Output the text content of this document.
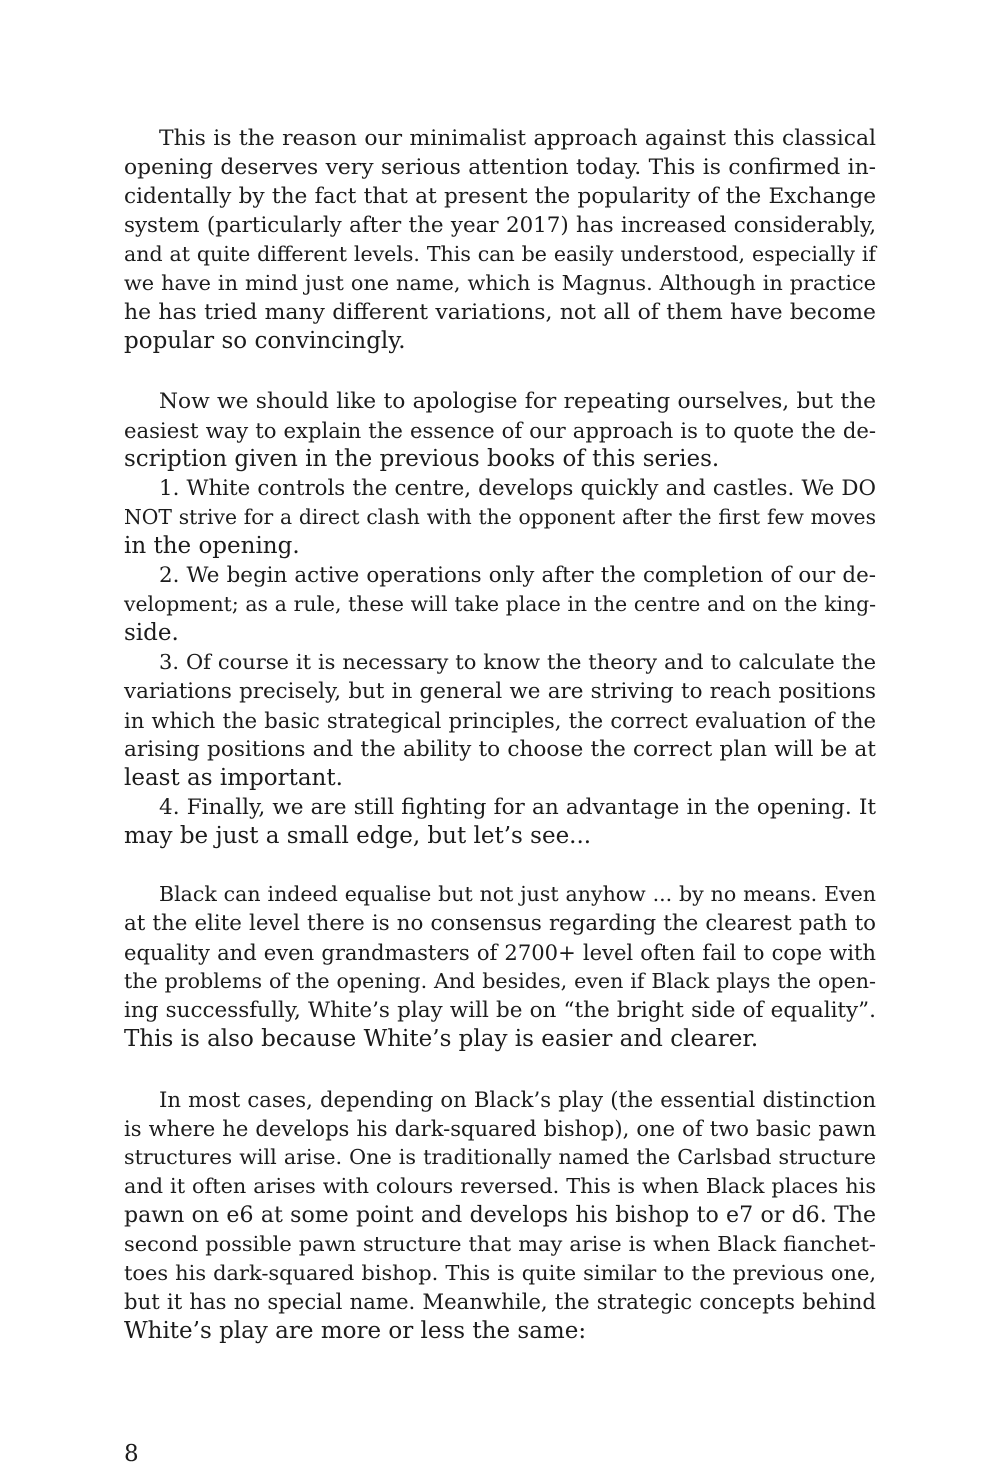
This is the reason our minimalist approach against this classical
opening deserves very serious attention today. This is confirmed in-
cidentally by the fact that at present the popularity of the Exchange
system (particularly after the year 2017) has increased considerably,
and at quite different levels. This can be easily understood, especially if
we have in mind just one name, which is Magnus. Although in practice
he has tried many different variations, not all of them have become
popular so convincingly.
Now we should like to apologise for repeating ourselves, but the
easiest way to explain the essence of our approach is to quote the de-
scription given in the previous books of this series.
1. White controls the centre, develops quickly and castles. We DO
NOT strive for a direct clash with the opponent after the first few moves
in the opening.
2. We begin active operations only after the completion of our de-
velopment; as a rule, these will take place in the centre and on the king-
side.
3. Of course it is necessary to know the theory and to calculate the
variations precisely, but in general we are striving to reach positions
in which the basic strategical principles, the correct evaluation of the
arising positions and the ability to choose the correct plan will be at
least as important.
4. Finally, we are still fighting for an advantage in the opening. It
may be just a small edge, but let’s see...
Black can indeed equalise but not just anyhow ... by no means. Even
at the elite level there is no consensus regarding the clearest path to
equality and even grandmasters of 2700+ level often fail to cope with
the problems of the opening. And besides, even if Black plays the open-
ing successfully, White’s play will be on “the bright side of equality”.
This is also because White’s play is easier and clearer.
In most cases, depending on Black’s play (the essential distinction
is where he develops his dark-squared bishop), one of two basic pawn
structures will arise. One is traditionally named the Carlsbad structure
and it often arises with colours reversed. This is when Black places his
pawn on e6 at some point and develops his bishop to e7 or d6. The
second possible pawn structure that may arise is when Black fianchet-
toes his dark-squared bishop. This is quite similar to the previous one,
but it has no special name. Meanwhile, the strategic concepts behind
White’s play are more or less the same:
8
